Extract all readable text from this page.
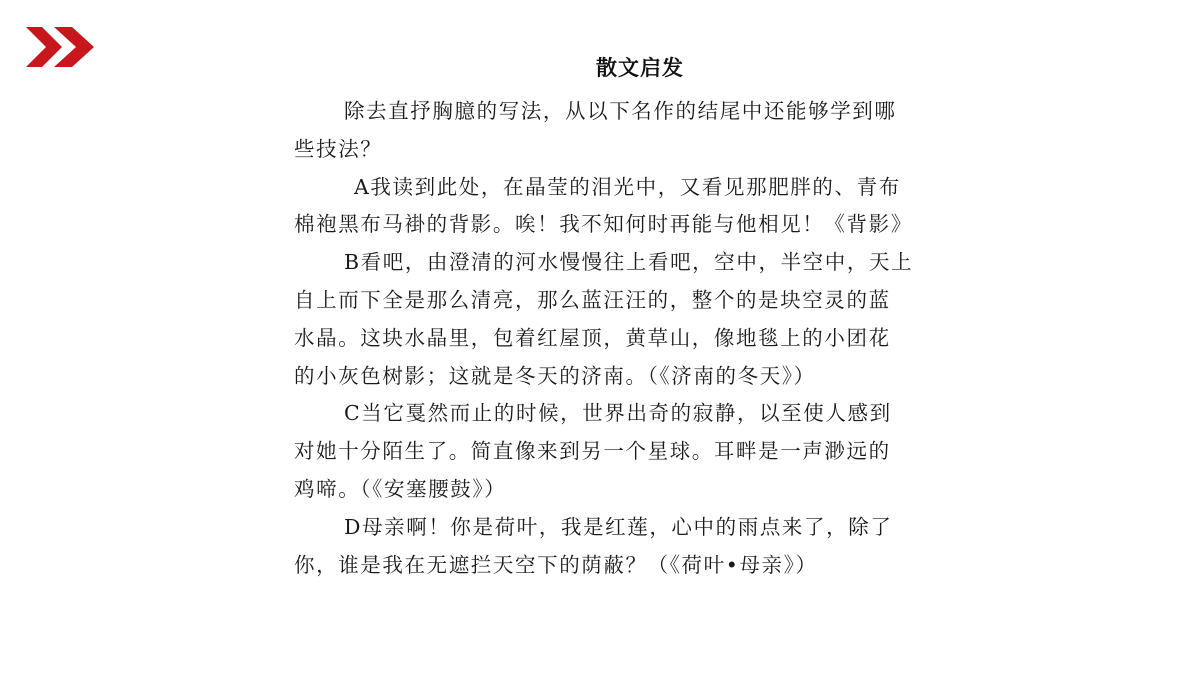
散文启发
除去直抒胸臆的写法，从以下名作的结尾中还能够学到哪
些技法？
A我读到此处，在晶莹的泪光中，又看见那肥胖的、青布
棉袍黑布马褂的背影。唉！我不知何时再能与他相见！《背影》
B看吧，由澄清的河水慢慢往上看吧，空中，半空中，天上
自上而下全是那么清亮，那么蓝汪汪的，整个的是块空灵的蓝
水晶。这块水晶里，包着红屋顶，黄草山，像地毯上的小团花
的小灰色树影；这就是冬天的济南。（《济南的冬天》）
C当它戛然而止的时候，世界出奇的寂静，以至使人感到
对她十分陌生了。简直像来到另一个星球。耳畔是一声渺远的
鸡啼。（《安塞腰鼓》）
D母亲啊！你是荷叶，我是红莲，心中的雨点来了，除了
你，谁是我在无遮拦天空下的荫蔽？（《荷叶•母亲》）
